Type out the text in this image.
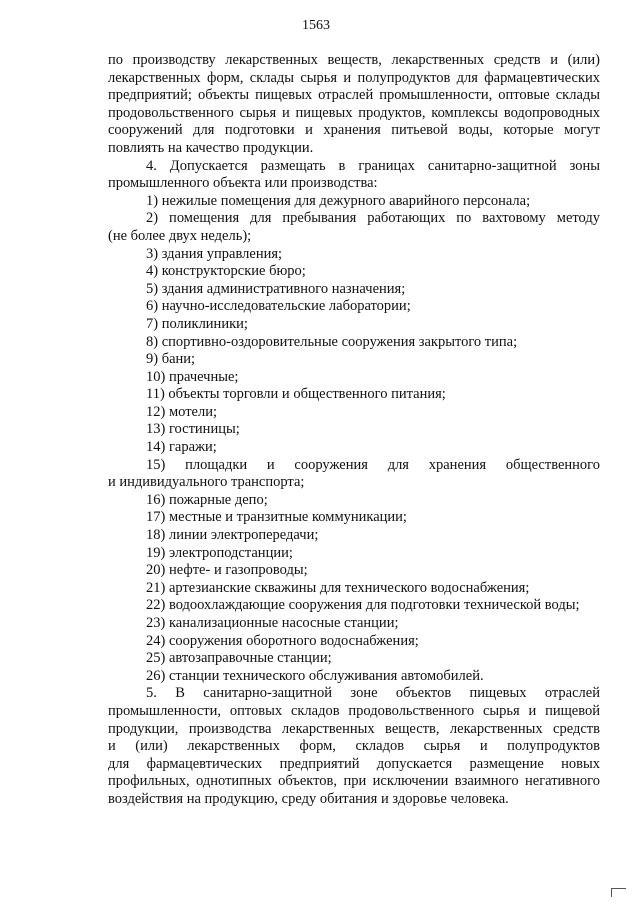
1563
по производству лекарственных веществ, лекарственных средств и (или)
лекарственных форм, склады сырья и полупродуктов для фармацевтических
предприятий; объекты пищевых отраслей промышленности, оптовые склады
продовольственного сырья и пищевых продуктов, комплексы водопроводных
сооружений для подготовки и хранения питьевой воды, которые могут
повлиять на качество продукции.
4. Допускается размещать в границах санитарно-защитной зоны
промышленного объекта или производства:
1) нежилые помещения для дежурного аварийного персонала;
2) помещения для пребывания работающих по вахтовому методу
(не более двух недель);
3) здания управления;
4) конструкторские бюро;
5) здания административного назначения;
6) научно-исследовательские лаборатории;
7) поликлиники;
8) спортивно-оздоровительные сооружения закрытого типа;
9) бани;
10) прачечные;
11) объекты торговли и общественного питания;
12) мотели;
13) гостиницы;
14) гаражи;
15) площадки и сооружения для хранения общественного
и индивидуального транспорта;
16) пожарные депо;
17) местные и транзитные коммуникации;
18) линии электропередачи;
19) электроподстанции;
20) нефте- и газопроводы;
21) артезианские скважины для технического водоснабжения;
22) водоохлаждающие сооружения для подготовки технической воды;
23) канализационные насосные станции;
24) сооружения оборотного водоснабжения;
25) автозаправочные станции;
26) станции технического обслуживания автомобилей.
5. В санитарно-защитной зоне объектов пищевых отраслей
промышленности, оптовых складов продовольственного сырья и пищевой
продукции, производства лекарственных веществ, лекарственных средств
и (или) лекарственных форм, складов сырья и полупродуктов
для фармацевтических предприятий допускается размещение новых
профильных, однотипных объектов, при исключении взаимного негативного
воздействия на продукцию, среду обитания и здоровье человека.
